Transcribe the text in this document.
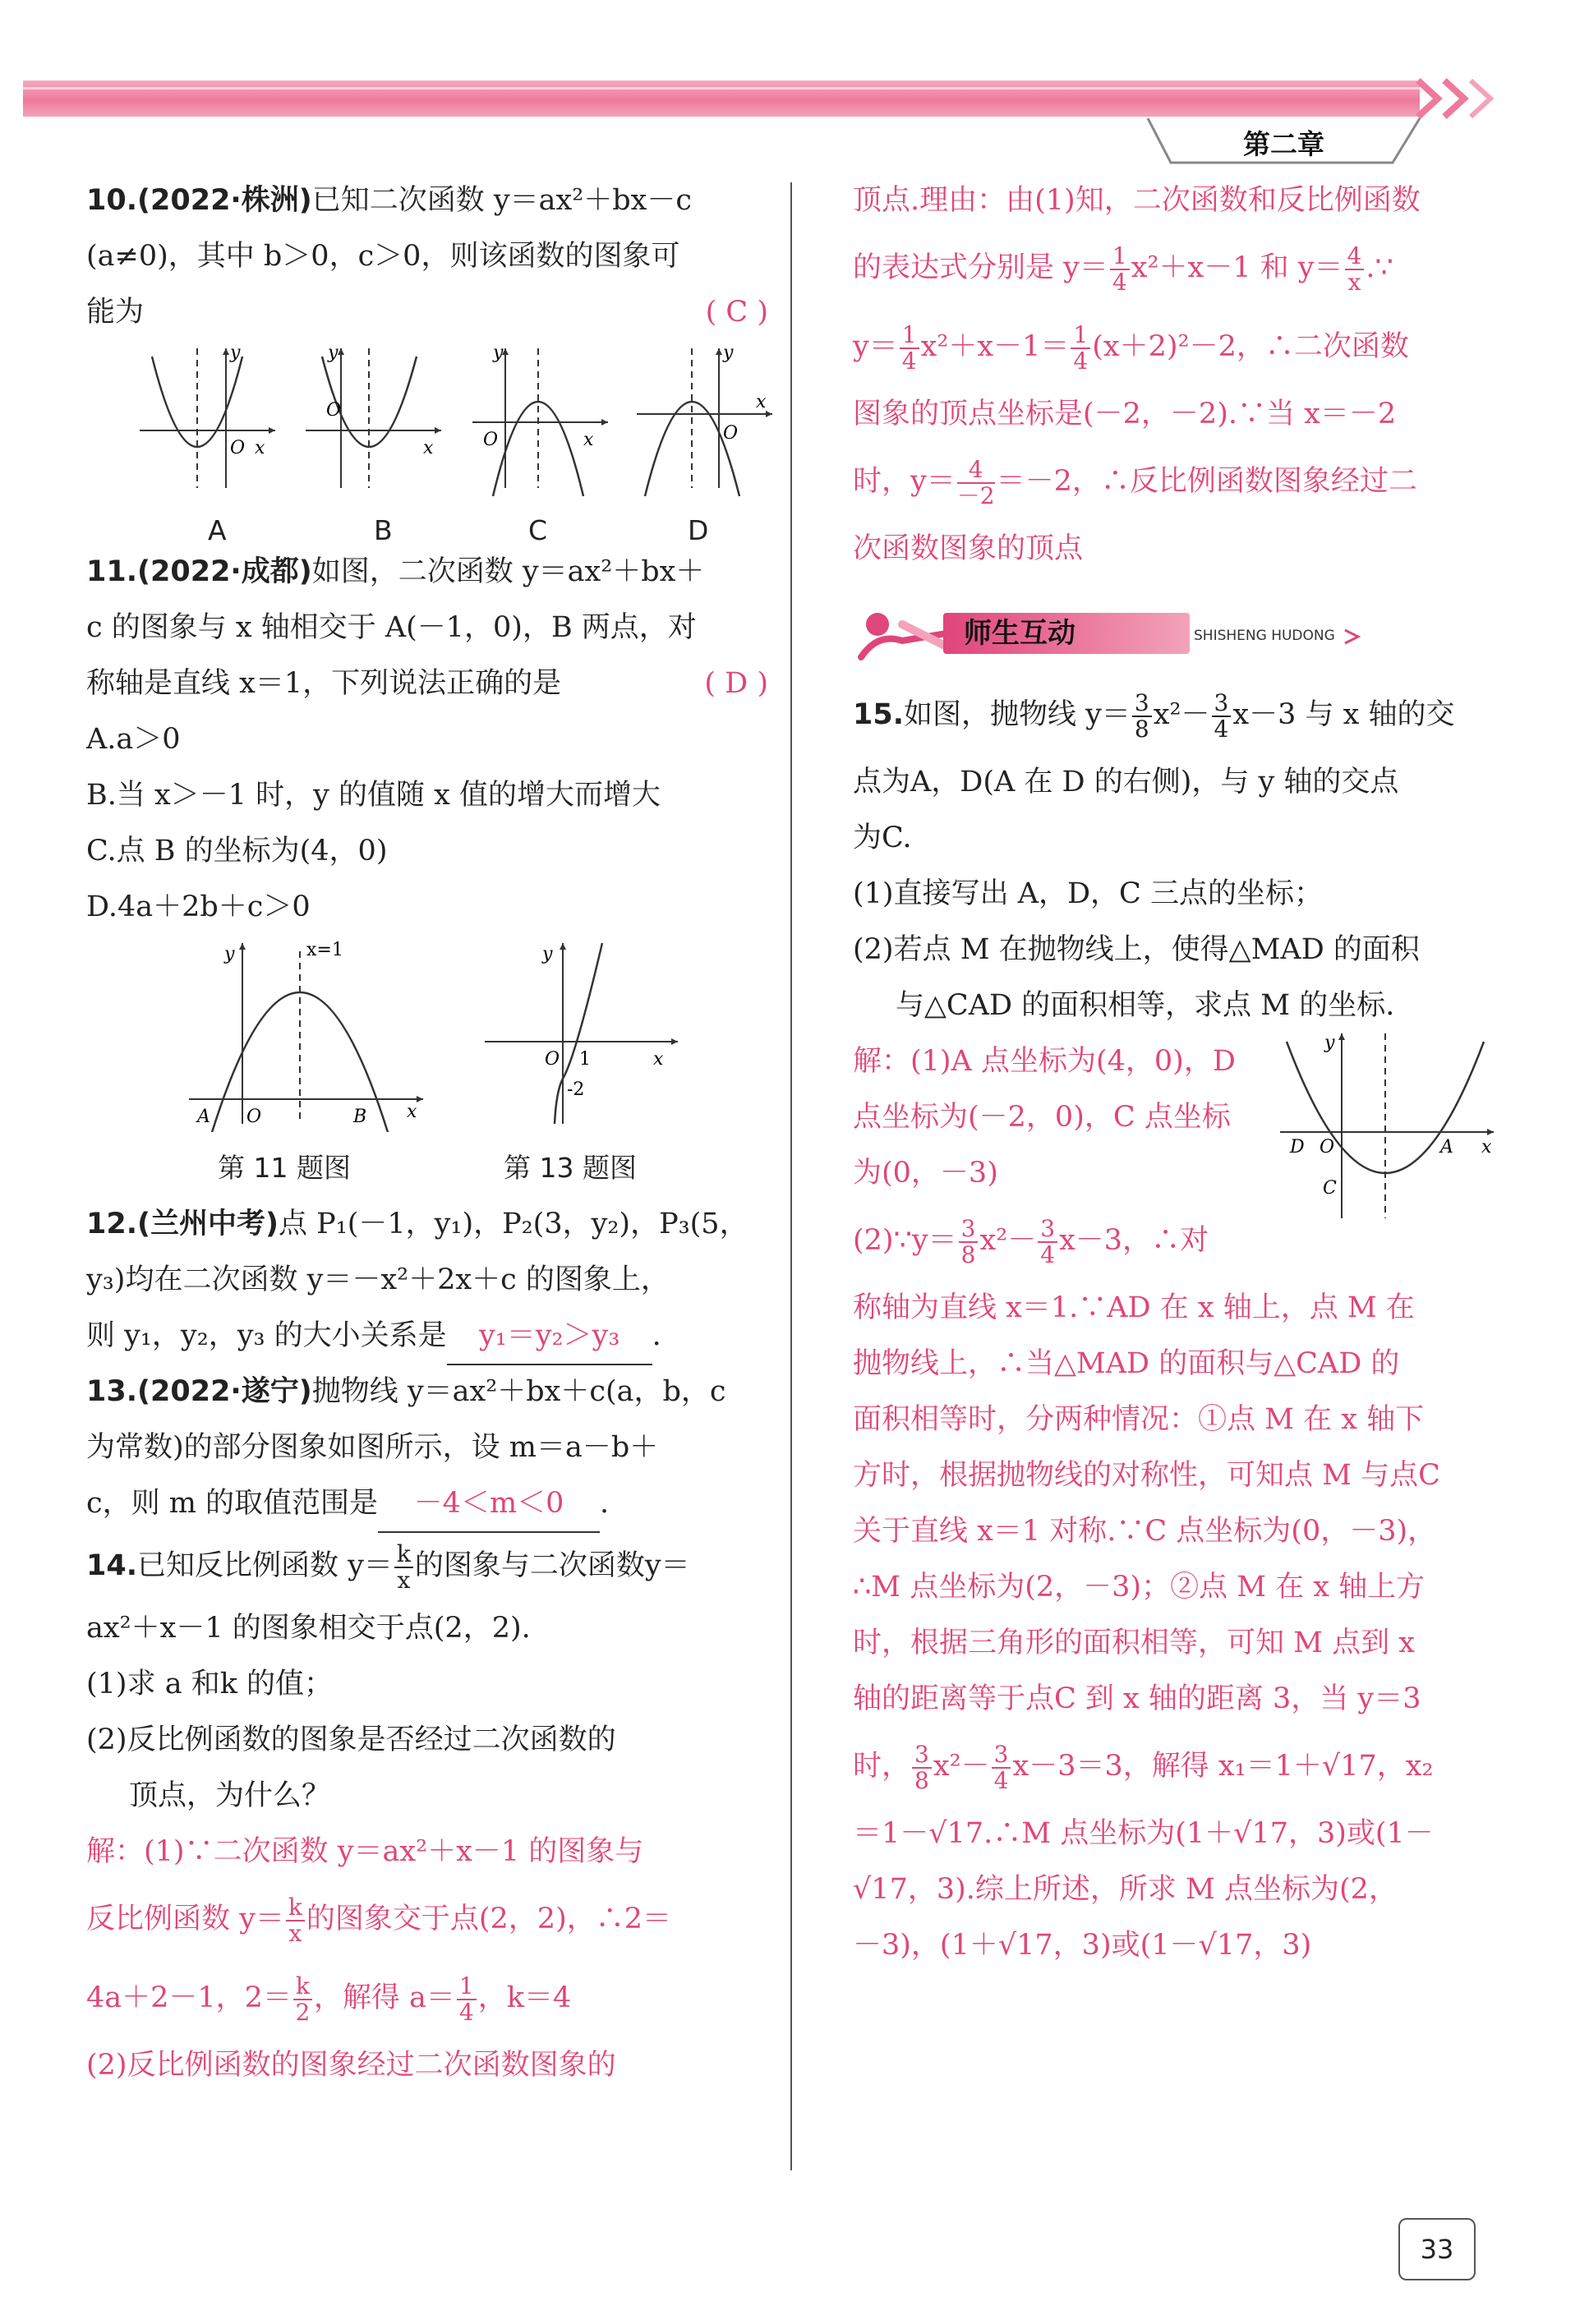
第二章
10.(2022·株洲)已知二次函数 y＝ax²＋bx－c
(a≠0)，其中 b＞0，c＞0，则该函数的图象可
能为	( C )
y
O x
y
O
x
y
O	x
y
O
x
A	B	C	D
11.(2022·成都)如图，二次函数 y＝ax²＋bx＋
c 的图象与 x 轴相交于 A(－1，0)，B 两点，对
称轴是直线 x＝1，下列说法正确的是	( D )
A.a＞0
B.当 x＞－1 时，y 的值随 x 值的增大而增大
C.点 B 的坐标为(4，0)
D.4a＋2b＋c＞0
y	x=1
A O	B x
y
O 1
-2
x
第 11 题图	第 13 题图
12.(兰州中考)点 P₁(－1，y₁)，P₂(3，y₂)，P₃(5，
y₃)均在二次函数 y＝－x²＋2x＋c 的图象上，
则 y₁，y₂，y₃ 的大小关系是 y₁＝y₂＞y₃ .
13.(2022·遂宁)抛物线 y＝ax²＋bx＋c(a，b，c
为常数)的部分图象如图所示，设 m＝a－b＋
c，则 m 的取值范围是 －4＜m＜0 .
14.已知反比例函数 $y= \frac{k}{x}$ 的图象与二次函数y＝
ax²＋x－1 的图象相交于点(2，2).
(1)求 a 和k 的值；
(2)反比例函数的图象是否经过二次函数的
顶点，为什么？
解：(1)∵二次函数 y＝ax²＋x－1 的图象与
反比例函数 $y= \frac{k}{x}$ 的图象交于点(2，2)，∴2＝
4a＋2－1，$2= \frac{k}{2}$ ，解得 $a= \frac{1}{4}$ ，k＝4
(2)反比例函数的图象经过二次函数图象的
顶点.理由：由(1)知，二次函数和反比例函数
的表达式分别是 $y= \frac{1}{4} x^2+x-1$ 和 $y= \frac{4}{x}$ .∵
$y= \frac{1}{4} x^2+x-1= \frac{1}{4} (x+2)^2-2$，∴二次函数
图象的顶点坐标是(－2，－2).∵当 x＝－2
时，$y= \frac{4}{-2} =-2$，∴反比例函数图象经过二
次函数图象的顶点
师生互动	SHISHENG HUDONG
15.如图，抛物线 $y= \frac{3}{8} x^2- \frac{3}{4} x-3$ 与 x 轴的交
点为A，D(A 在 D 的右侧)，与 y 轴的交点
为C.
(1)直接写出 A，D，C 三点的坐标；
(2)若点 M 在抛物线上，使得△MAD 的面积
与△CAD 的面积相等，求点 M 的坐标.
解：(1)A 点坐标为(4，0)，D
点坐标为(－2，0)，C 点坐标
为(0，－3)
y
D O	A
C
x
(2)∵y＝ $\frac{3}{8} x^2- \frac{3}{4} x-3$，∴对
称轴为直线 x＝1.∵AD 在 x 轴上，点 M 在
抛物线上，∴当△MAD 的面积与△CAD 的
面积相等时，分两种情况：①点 M 在 x 轴下
方时，根据抛物线的对称性，可知点 M 与点C
关于直线 x＝1 对称.∵C 点坐标为(0，－3)，
∴M 点坐标为(2，－3)；②点 M 在 x 轴上方
时，根据三角形的面积相等，可知 M 点到 x
轴的距离等于点C 到 x 轴的距离 3，当 y＝3
时， $\frac{3}{8} x^2- \frac{3}{4} x-3=3$，解得 x₁＝1＋√17，x₂
＝1－√17.∴M 点坐标为(1＋√17，3)或(1－
√17，3).综上所述，所求 M 点坐标为(2，
－3)，(1＋√17，3)或(1－√17，3)
33
